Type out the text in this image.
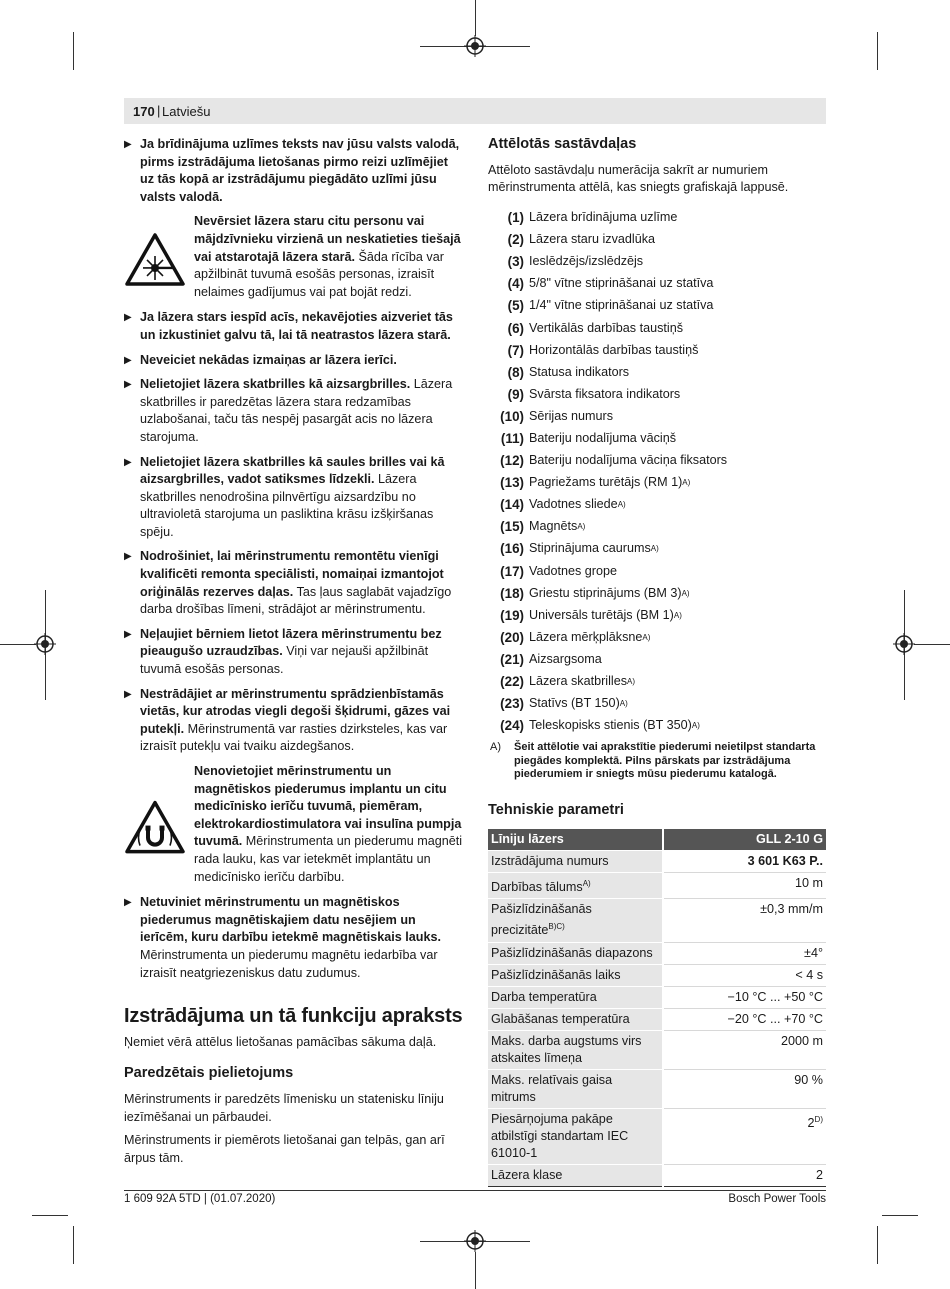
170 | Latviešu
▶ Ja brīdinājuma uzlīmes teksts nav jūsu valsts valodā, pirms izstrādājuma lietošanas pirmo reizi uzlīmējiet uz tās kopā ar izstrādājumu piegādāto uzlīmi jūsu valsts valodā.
Nevērsiet lāzera staru citu personu vai mājdzīvnieku virzienā un neskatieties tiešajā vai atstarotajā lāzera starā. Šāda rīcība var apžilbināt tuvumā esošās personas, izraisīt nelaimes gadījumus vai pat bojāt redzi.
▶ Ja lāzera stars iespīd acīs, nekavējoties aizveriet tās un izkustiniet galvu tā, lai tā neatrastos lāzera starā.
▶ Neveiciet nekādas izmaiņas ar lāzera ierīci.
▶ Nelietojiet lāzera skatbrilles kā aizsargbrilles. Lāzera skatbrilles ir paredzētas lāzera stara redzamības uzlabošanai, taču tās nespēj pasargāt acis no lāzera starojuma.
▶ Nelietojiet lāzera skatbrilles kā saules brilles vai kā aizsargbrilles, vadot satiksmes līdzekli. Lāzera skatbrilles nenodrošina pilnvērtīgu aizsardzību no ultravioletā starojuma un pasliktina krāsu izšķiršanas spēju.
▶ Nodrošiniet, lai mērinstrumentu remontētu vienīgi kvalificēti remonta speciālisti, nomaiņai izmantojot oriģinālās rezerves daļas. Tas ļaus saglabāt vajadzīgo darba drošības līmeni, strādājot ar mērinstrumentu.
▶ Neļaujiet bērniem lietot lāzera mērinstrumentu bez pieaugušo uzraudzības. Viņi var nejauši apžilbināt tuvumā esošās personas.
▶ Nestrādājiet ar mērinstrumentu sprādzienbīstamās vietās, kur atrodas viegli degoši šķidrumi, gāzes vai putekļi. Mērinstrumentā var rasties dzirksteles, kas var izraisīt putekļu vai tvaiku aizdegšanos.
Nenovietojiet mērinstrumentu un magnētiskos piederumus implantu un citu medicīnisko ierīču tuvumā, piemēram, elektrokardiostimulatora vai insulīna pumpja tuvumā. Mērinstrumenta un piederumu magnēti rada lauku, kas var ietekmēt implantātu un medicīnisko ierīču darbību.
▶ Netuviniet mērinstrumentu un magnētiskos piederumus magnētiskajiem datu nesējiem un ierīcēm, kuru darbību ietekmē magnētiskais lauks. Mērinstrumenta un piederumu magnētu iedarbība var izraisīt neatgriezeniskus datu zudumus.
Izstrādājuma un tā funkciju apraksts

Ņemiet vērā attēlus lietošanas pamācības sākuma daļā.

Paredzētais pielietojums

Mērinstruments ir paredzēts līmenisku un statenisku līniju iezīmēšanai un pārbaudei.

Mērinstruments ir piemērots lietošanai gan telpās, gan arī ārpus tām.

Attēlotās sastāvdaļas

Attēloto sastāvdaļu numerācija sakrīt ar numuriem mērinstrumenta attēlā, kas sniegts grafiskajā lappusē.

(1) Lāzera brīdinājuma uzlīme
(2) Lāzera staru izvadlūka
(3) Ieslēdzējs/izslēdzējs
(4) 5/8" vītne stiprināšanai uz statīva
(5) 1/4" vītne stiprināšanai uz statīva
(6) Vertikālās darbības taustiņš
(7) Horizontālās darbības taustiņš
(8) Statusa indikators
(9) Svārsta fiksatora indikators
(10) Sērijas numurs
(11) Bateriju nodalījuma vāciņš
(12) Bateriju nodalījuma vāciņa fiksators
(13) Pagriežams turētājs (RM 1) A)
(14) Vadotnes sliede A)
(15) Magnēts A)
(16) Stiprinājuma caurums A)
(17) Vadotnes grope
(18) Griestu stiprinājums (BM 3) A)
(19) Universāls turētājs (BM 1) A)
(20) Lāzera mērķplāksne A)
(21) Aizsargsoma
(22) Lāzera skatbrilles A)
(23) Statīvs (BT 150) A)
(24) Teleskopisks stienis (BT 350) A)
A)	Šeit attēlotie vai aprakstītie piederumi neietilpst standarta piegādes komplektā. Pilns pārskats par izstrādājuma piederumiem ir sniegts mūsu piederumu katalogā.
Tehniskie parametri
Līniju lāzers	GLL 2-10 G
Izstrādājuma numurs	3 601 K63 P..
Darbības tālums$^{A)}$	10 m
Pašizlīdzināšanās precizitāte$^{B)C)}$	±0,3 mm/m
Pašizlīdzināšanās diapazons	±4°
Pašizlīdzināšanās laiks	< 4 s
Darba temperatūra	−10 °C ... +50 °C
Glabāšanas temperatūra	−20 °C ... +70 °C
Maks. darba augstums virs atskaites līmeņa	2000 m
Maks. relatīvais gaisa mitrums	90 %
Piesārņojuma pakāpe atbilstīgi standartam IEC 61010-1	$2^{D)}$
Lāzera klase	2
1 609 92A 5TD | (01.07.2020)	Bosch Power Tools
